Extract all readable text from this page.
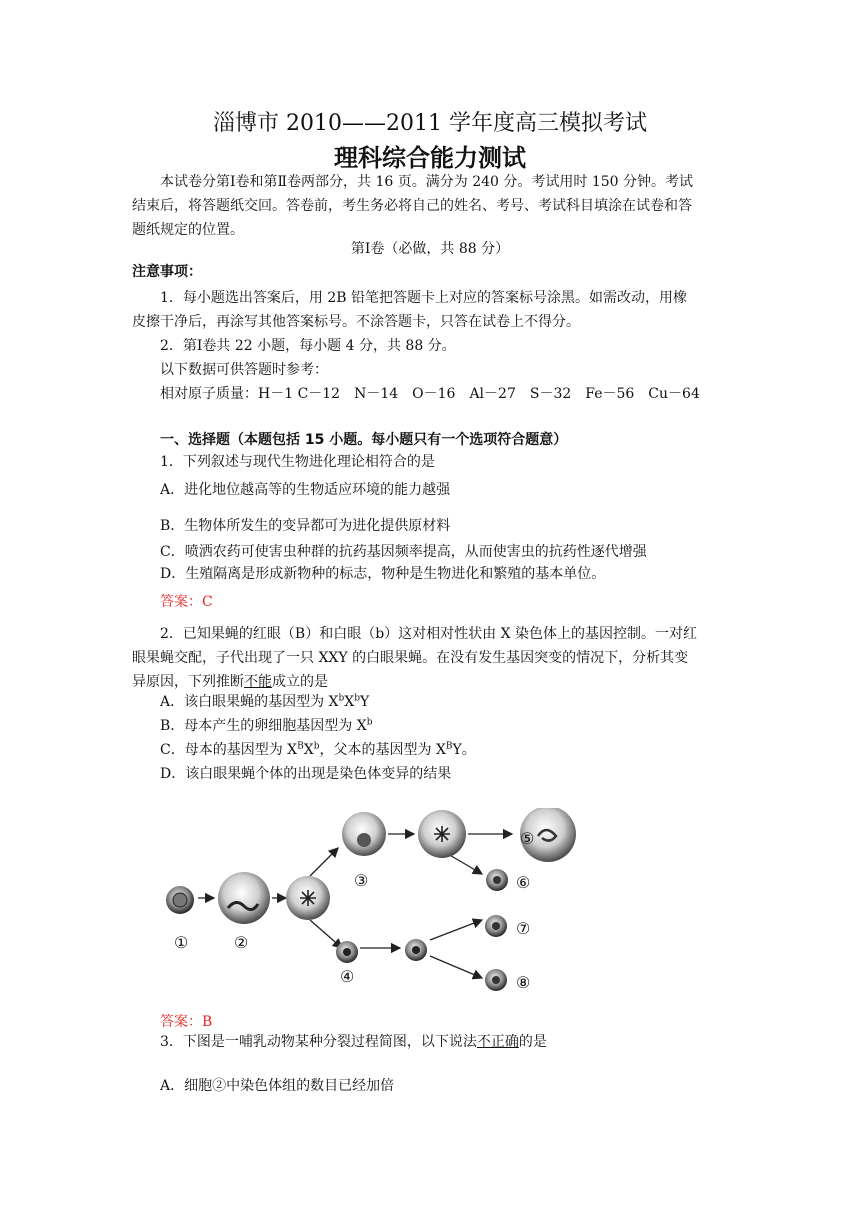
淄博市 2010——2011 学年度高三模拟考试
理科综合能力测试
本试卷分第Ⅰ卷和第Ⅱ卷两部分，共 16 页。满分为 240 分。考试用时 150 分钟。考试
结束后，将答题纸交回。答卷前，考生务必将自己的姓名、考号、考试科目填涂在试卷和答
题纸规定的位置。
第Ⅰ卷（必做，共 88 分）
注意事项：
1．每小题选出答案后，用 2B 铅笔把答题卡上对应的答案标号涂黑。如需改动，用橡
皮擦干净后，再涂写其他答案标号。不涂答题卡，只答在试卷上不得分。
2．第Ⅰ卷共 22 小题，每小题 4 分，共 88 分。
以下数据可供答题时参考：
相对原子质量：H－1 C－12　N－14　O－16　Al－27　S－32　Fe－56　Cu－64
一、选择题（本题包括 15 小题。每小题只有一个选项符合题意）
1．下列叙述与现代生物进化理论相符合的是
A．进化地位越高等的生物适应环境的能力越强
B．生物体所发生的变异都可为进化提供原材料
C．喷洒农药可使害虫种群的抗药基因频率提高，从而使害虫的抗药性逐代增强
D．生殖隔离是形成新物种的标志，物种是生物进化和繁殖的基本单位。
答案：C
2．已知果蝇的红眼（B）和白眼（b）这对相对性状由 X 染色体上的基因控制。一对红
眼果蝇交配，子代出现了一只 XXY 的白眼果蝇。在没有发生基因突变的情况下，分析其变
异原因，下列推断不能成立的是
A．该白眼果蝇的基因型为 $X^bX^bY$
B．母本产生的卵细胞基因型为 $X^b$
C．母本的基因型为 $X^BX^b$，父本的基因型为 $X^BY$。
D．该白眼果蝇个体的出现是染色体变异的结果
①	②
③
⑤
④
⑥
⑦
⑧
答案：B
3．下图是一哺乳动物某种分裂过程简图，以下说法不正确的是
A．细胞②中染色体组的数目已经加倍
